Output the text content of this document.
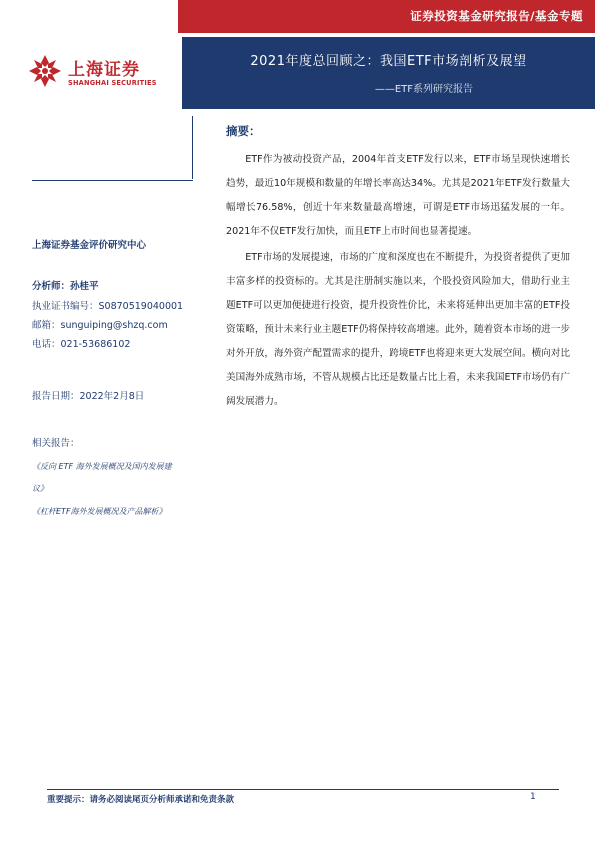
证券投资基金研究报告/基金专题
上海证券
SHANGHAI SECURITIES
2021年度总回顾之：我国ETF市场剖析及展望
——ETF系列研究报告
上海证券基金评价研究中心
分析师：孙桂平
执业证书编号：S0870519040001
邮箱：sunguiping@shzq.com
电话：021-53686102
报告日期：2022年2月8日
相关报告：
《反向 ETF 海外发展概况及国内发展建
议》
《杠杆ETF海外发展概况及产品解析》
摘要：
ETF作为被动投资产品，2004年首支ETF发行以来，ETF市场呈现快速增长趋势，最近10年规模和数量的年增长率高达34%。尤其是2021年ETF发行数量大幅增长76.58%，创近十年来数量最高增速，可谓是ETF市场迅猛发展的一年。2021年不仅ETF发行加快，而且ETF上市时间也显著提速。
ETF市场的发展提速，市场的广度和深度也在不断提升，为投资者提供了更加丰富多样的投资标的。尤其是注册制实施以来，个股投资风险加大，借助行业主题ETF可以更加便捷进行投资，提升投资性价比，未来将延伸出更加丰富的ETF投资策略，预计未来行业主题ETF仍将保持较高增速。此外，随着资本市场的进一步对外开放，海外资产配置需求的提升，跨境ETF也将迎来更大发展空间。横向对比美国海外成熟市场，不管从规模占比还是数量占比上看，未来我国ETF市场仍有广阔发展潜力。
重要提示：请务必阅读尾页分析师承诺和免责条款	1
